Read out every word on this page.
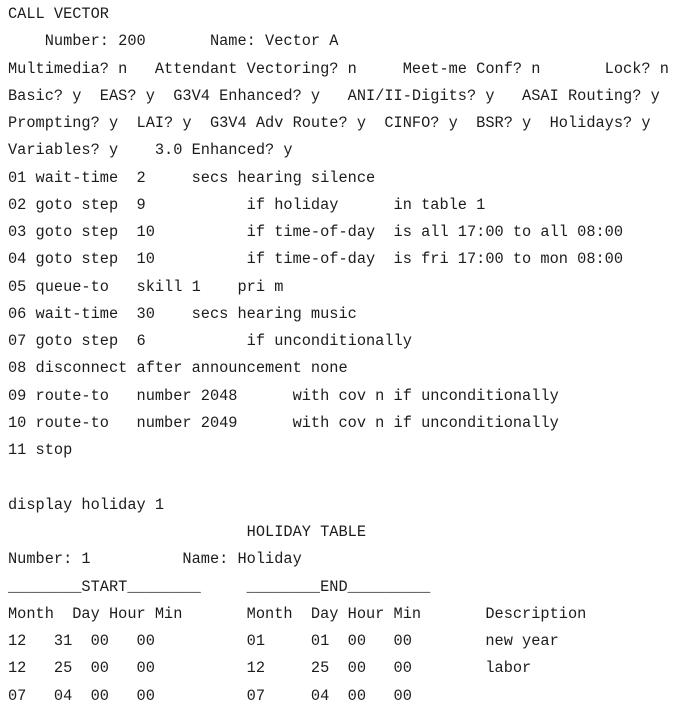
CALL VECTOR
Number: 200       Name: Vector A
Multimedia? n   Attendant Vectoring? n     Meet-me Conf? n       Lock? n
Basic? y  EAS? y  G3V4 Enhanced? y   ANI/II-Digits? y   ASAI Routing? y
Prompting? y  LAI? y  G3V4 Adv Route? y  CINFO? y  BSR? y  Holidays? y
Variables? y    3.0 Enhanced? y
01 wait-time  2     secs hearing silence
02 goto step  9           if holiday      in table 1
03 goto step  10          if time-of-day  is all 17:00 to all 08:00
04 goto step  10          if time-of-day  is fri 17:00 to mon 08:00
05 queue-to   skill 1    pri m
06 wait-time  30    secs hearing music
07 goto step  6           if unconditionally
08 disconnect after announcement none
09 route-to   number 2048      with cov n if unconditionally
10 route-to   number 2049      with cov n if unconditionally
11 stop
display holiday 1
HOLIDAY TABLE
Number: 1          Name: Holiday
________START________     ________END_________
Month  Day Hour Min       Month  Day Hour Min       Description
12   31  00   00          01     01  00   00        new year
12   25  00   00          12     25  00   00        labor
07   04  00   00          07     04  00   00
